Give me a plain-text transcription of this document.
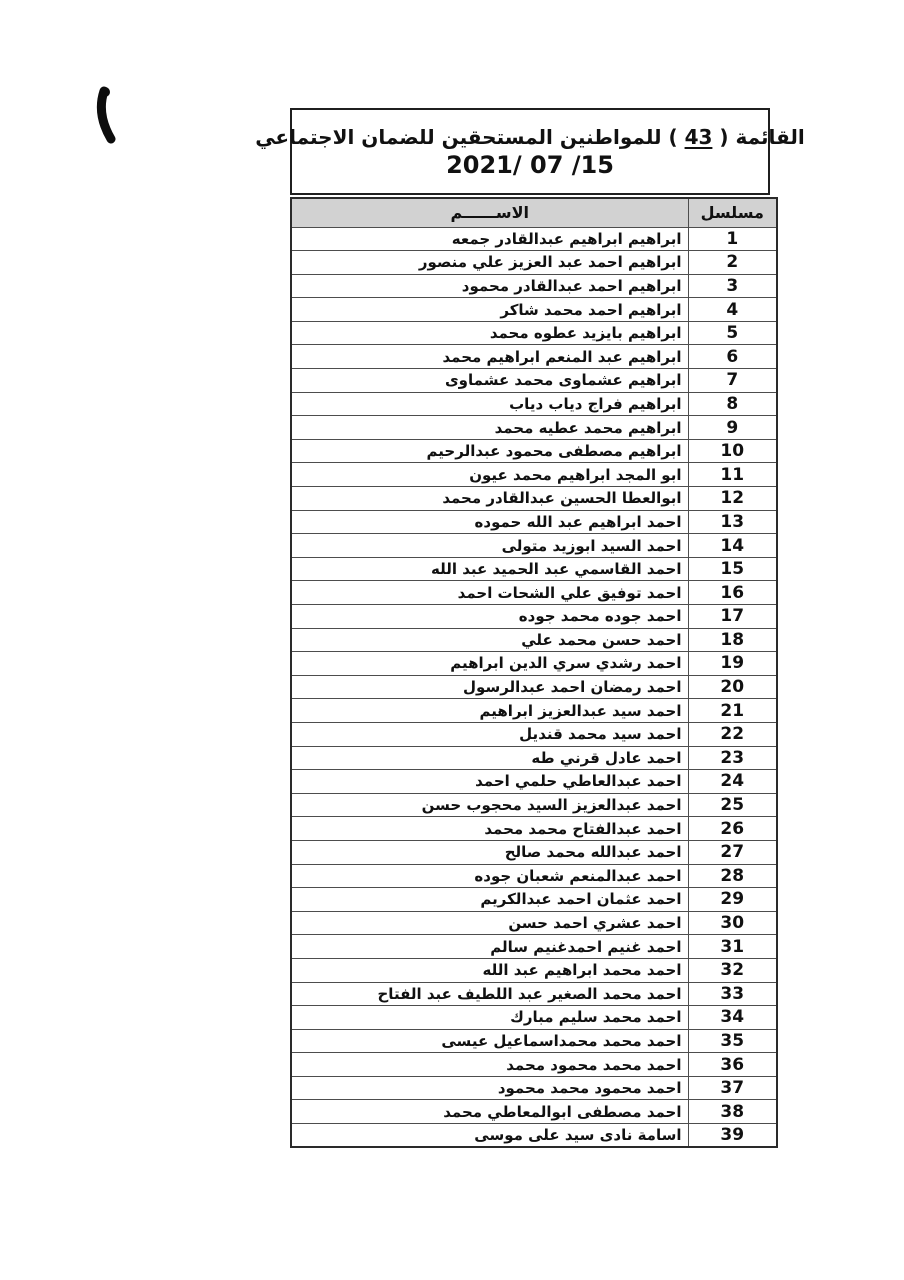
القائمة ( 43 ) للمواطنين المستحقين للضمان الاجتماعي
2021/ 07 /15
مسلسل	الاســــــم
1	ابراهيم ابراهيم عبدالقادر جمعه
2	ابراهيم احمد عبد العزيز علي منصور
3	ابراهيم احمد عبدالقادر محمود
4	ابراهيم احمد محمد شاكر
5	ابراهيم بايزيد عطوه محمد
6	ابراهيم عبد المنعم ابراهيم محمد
7	ابراهيم عشماوى محمد عشماوى
8	ابراهيم فراج دياب دياب
9	ابراهيم محمد عطيه محمد
10	ابراهيم مصطفى محمود عبدالرحيم
11	ابو المجد ابراهيم محمد عيون
12	ابوالعطا الحسين عبدالقادر محمد
13	احمد ابراهيم عبد الله حموده
14	احمد السيد ابوزيد متولى
15	احمد القاسمي عبد الحميد عبد الله
16	احمد توفيق علي الشحات احمد
17	احمد جوده محمد جوده
18	احمد حسن محمد علي
19	احمد رشدي سري الدين ابراهيم
20	احمد رمضان احمد عبدالرسول
21	احمد سيد عبدالعزيز ابراهيم
22	احمد سيد محمد قنديل
23	احمد عادل قرني طه
24	احمد عبدالعاطي حلمي احمد
25	احمد عبدالعزيز السيد محجوب حسن
26	احمد عبدالفتاح محمد محمد
27	احمد عبدالله محمد صالح
28	احمد عبدالمنعم شعبان جوده
29	احمد عثمان احمد عبدالكريم
30	احمد عشري احمد حسن
31	احمد غنيم احمدغنيم سالم
32	احمد محمد ابراهيم عبد الله
33	احمد محمد الصغير عبد اللطيف عبد الفتاح
34	احمد محمد سليم مبارك
35	احمد محمد محمداسماعيل عيسى
36	احمد محمد محمود محمد
37	احمد محمود محمد محمود
38	احمد مصطفى ابوالمعاطي محمد
39	اسامة نادى سيد على موسى
